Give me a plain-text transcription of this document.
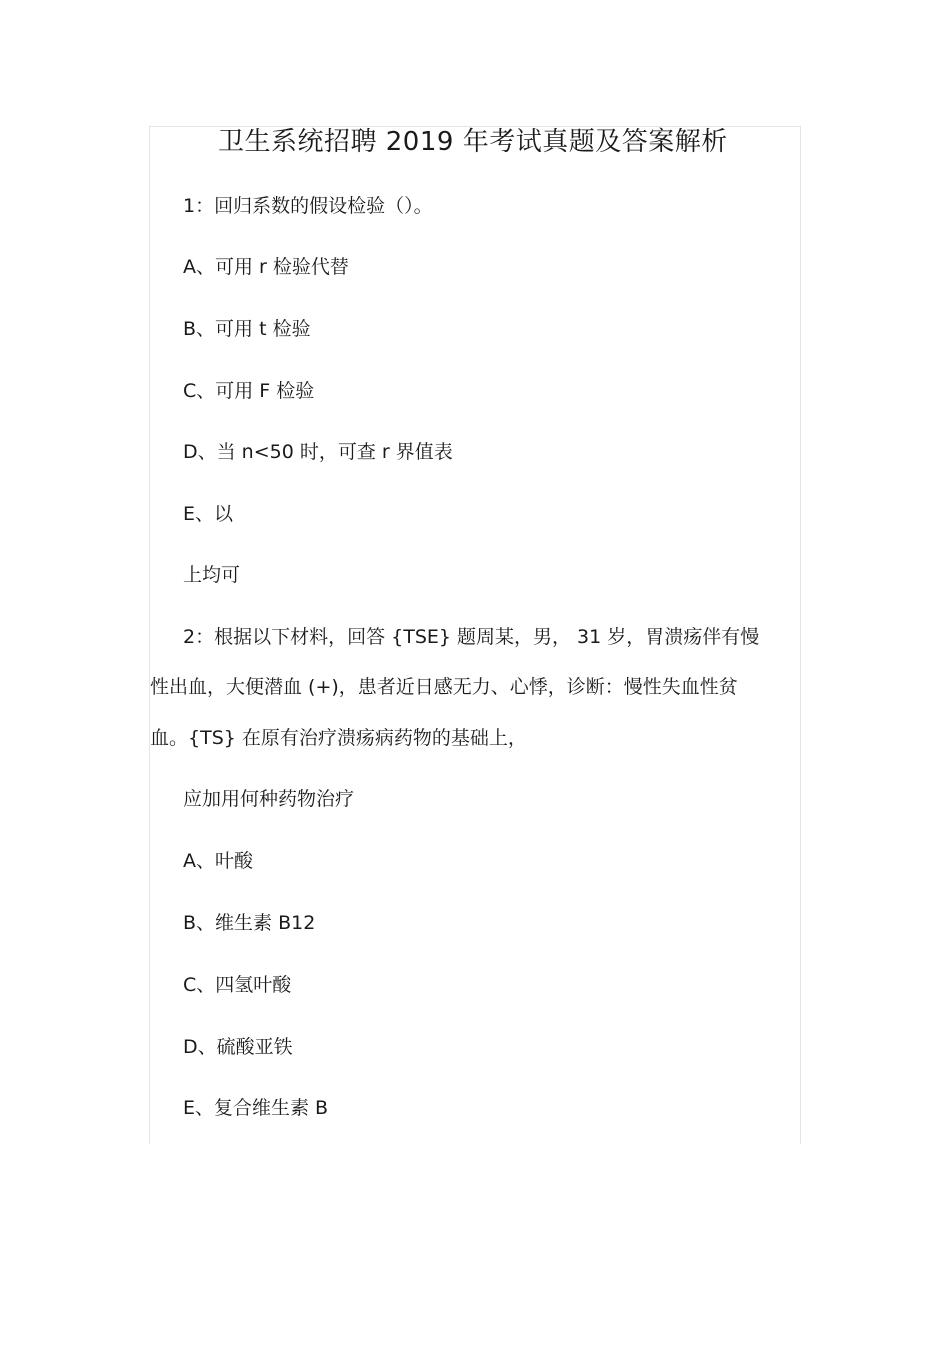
卫生系统招聘 2019 年考试真题及答案解析
1：回归系数的假设检验（）。
A、可用 r 检验代替
B、可用 t 检验
C、可用 F 检验
D、当 n<50 时，可查 r 界值表
E、以
上均可
2：根据以下材料，回答 {TSE} 题周某，男， 31 岁，胃溃疡伴有慢
性出血，大便潜血 (+)，患者近日感无力、心悸，诊断：慢性失血性贫
血。{TS} 在原有治疗溃疡病药物的基础上，
应加用何种药物治疗
A、叶酸
B、维生素 B12
C、四氢叶酸
D、硫酸亚铁
E、复合维生素 B
